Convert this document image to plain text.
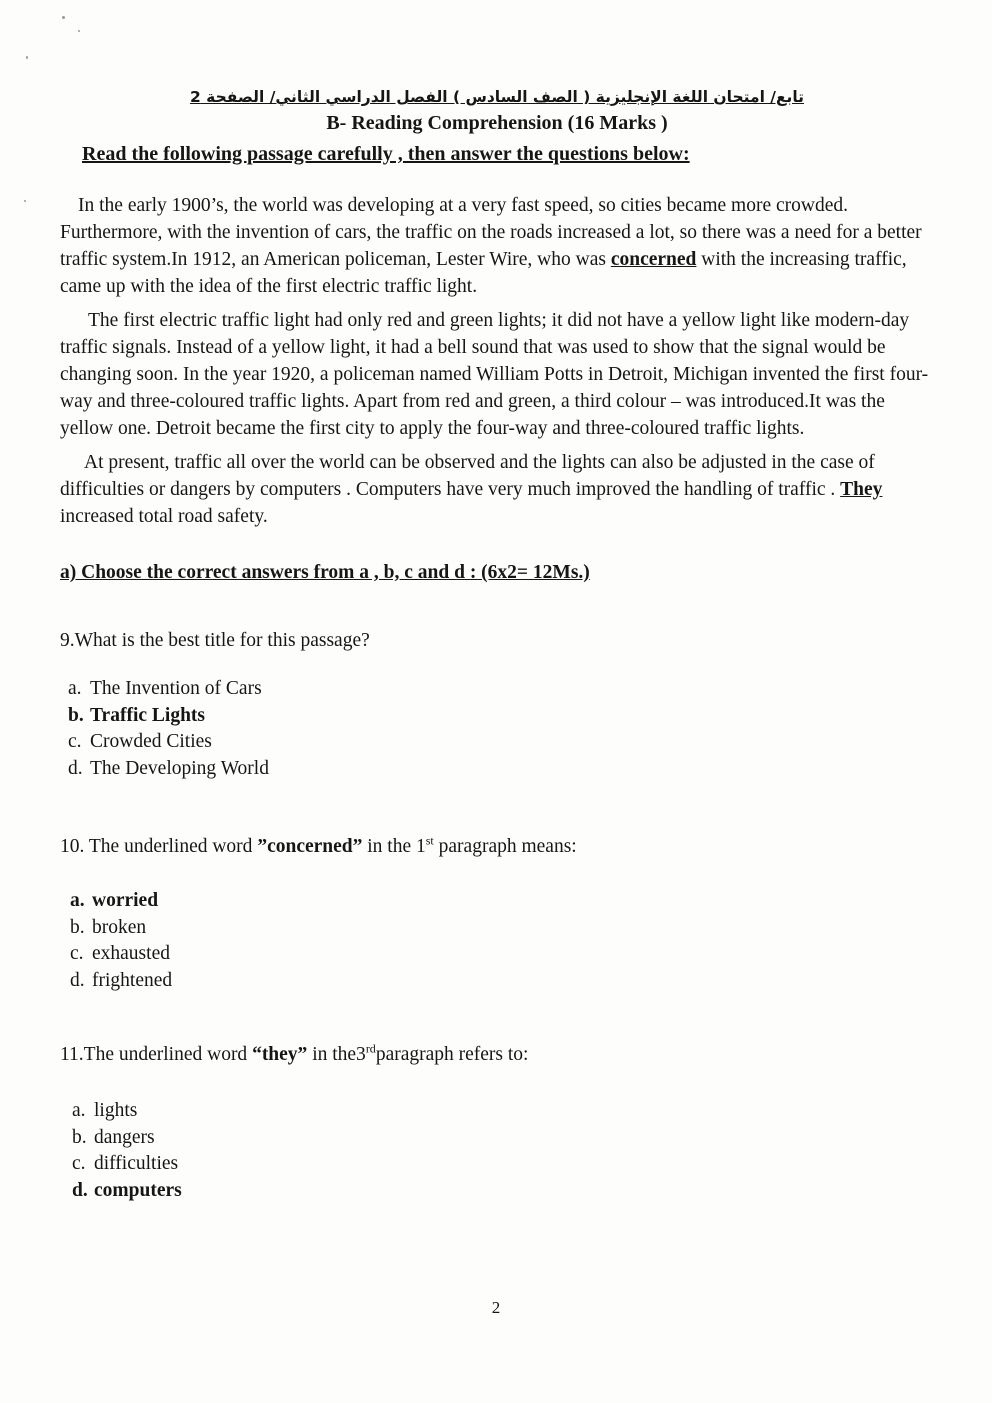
تابع/ امتحان اللغة الإنجليزية ( الصف السادس ) الفصل الدراسي الثاني/ الصفحة 2
B- Reading Comprehension (16 Marks )
Read the following passage carefully , then answer the questions below:

In the early 1900’s, the world was developing at a very fast speed, so cities became more crowded. Furthermore, with the invention of cars, the traffic on the roads increased a lot, so there was a need for a better traffic system.In 1912, an American policeman, Lester Wire, who was concerned with the increasing traffic, came up with the idea of the first electric traffic light.

The first electric traffic light had only red and green lights; it did not have a yellow light like modern-day traffic signals. Instead of a yellow light, it had a bell sound that was used to show that the signal would be changing soon. In the year 1920, a policeman named William Potts in Detroit, Michigan invented the first four-way and three-coloured traffic lights. Apart from red and green, a third colour – was introduced.It was the yellow one. Detroit became the first city to apply the four-way and three-coloured traffic lights.

At present, traffic all over the world can be observed and the lights can also be adjusted in the case of difficulties or dangers by computers . Computers have very much improved the handling of traffic . They increased total road safety.

a) Choose the correct answers from a , b, c and d : (6x2= 12Ms.)

9.What is the best title for this passage?

a. The Invention of Cars
b. Traffic Lights
c. Crowded Cities
d. The Developing World

10. The underlined word ”concerned” in the 1st paragraph means:

a. worried
b. broken
c. exhausted
d. frightened

11.The underlined word “they” in the3rdparagraph refers to:

a. lights
b. dangers
c. difficulties
d. computers
2
